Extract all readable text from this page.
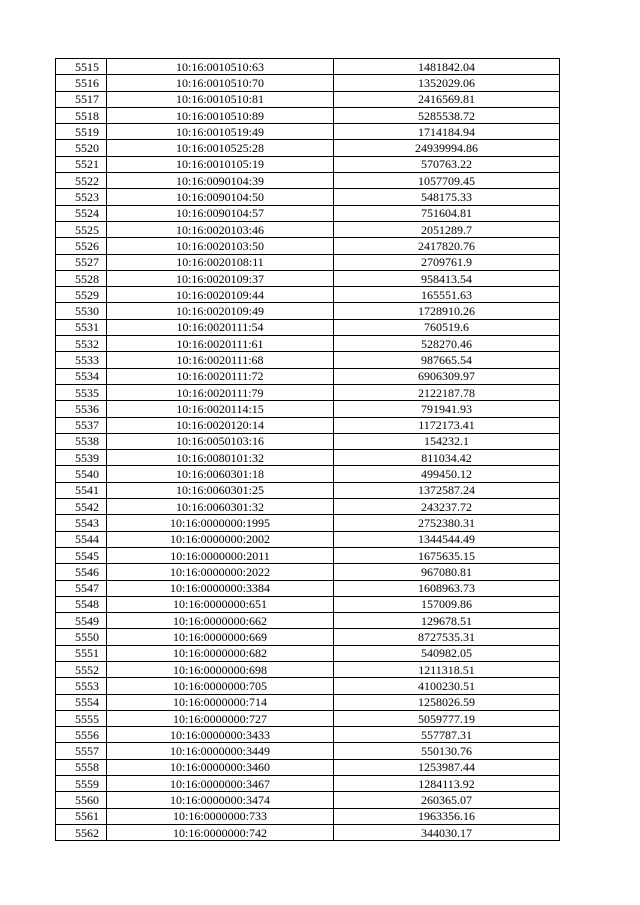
5515	10:16:0010510:63	1481842.04
5516	10:16:0010510:70	1352029.06
5517	10:16:0010510:81	2416569.81
5518	10:16:0010510:89	5285538.72
5519	10:16:0010519:49	1714184.94
5520	10:16:0010525:28	24939994.86
5521	10:16:0010105:19	570763.22
5522	10:16:0090104:39	1057709.45
5523	10:16:0090104:50	548175.33
5524	10:16:0090104:57	751604.81
5525	10:16:0020103:46	2051289.7
5526	10:16:0020103:50	2417820.76
5527	10:16:0020108:11	2709761.9
5528	10:16:0020109:37	958413.54
5529	10:16:0020109:44	165551.63
5530	10:16:0020109:49	1728910.26
5531	10:16:0020111:54	760519.6
5532	10:16:0020111:61	528270.46
5533	10:16:0020111:68	987665.54
5534	10:16:0020111:72	6906309.97
5535	10:16:0020111:79	2122187.78
5536	10:16:0020114:15	791941.93
5537	10:16:0020120:14	1172173.41
5538	10:16:0050103:16	154232.1
5539	10:16:0080101:32	811034.42
5540	10:16:0060301:18	499450.12
5541	10:16:0060301:25	1372587.24
5542	10:16:0060301:32	243237.72
5543	10:16:0000000:1995	2752380.31
5544	10:16:0000000:2002	1344544.49
5545	10:16:0000000:2011	1675635.15
5546	10:16:0000000:2022	967080.81
5547	10:16:0000000:3384	1608963.73
5548	10:16:0000000:651	157009.86
5549	10:16:0000000:662	129678.51
5550	10:16:0000000:669	8727535.31
5551	10:16:0000000:682	540982.05
5552	10:16:0000000:698	1211318.51
5553	10:16:0000000:705	4100230.51
5554	10:16:0000000:714	1258026.59
5555	10:16:0000000:727	5059777.19
5556	10:16:0000000:3433	557787.31
5557	10:16:0000000:3449	550130.76
5558	10:16:0000000:3460	1253987.44
5559	10:16:0000000:3467	1284113.92
5560	10:16:0000000:3474	260365.07
5561	10:16:0000000:733	1963356.16
5562	10:16:0000000:742	344030.17
